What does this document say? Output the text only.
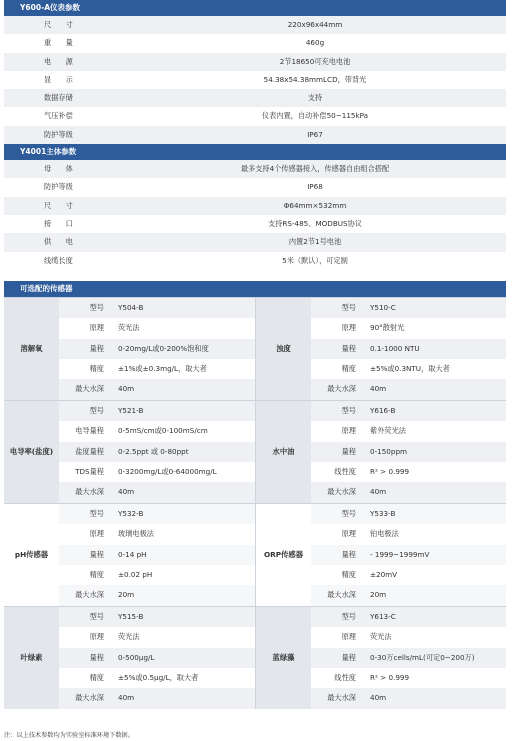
Y600-A仪表参数
尺　　寸	220x96x44mm
重　　量	460g
电　　源	2节18650可充电电池
显　　示	54.38x54.38mmLCD，带背光
数据存储	支持
气压补偿	仪表内置，自动补偿50~115kPa
防护等级	IP67
Y4001主体参数
母　　体	最多支持4个传感器接入，传感器自由组合搭配
防护等级	IP68
尺　　寸	Φ64mm×532mm
接　　口	支持RS-485、MODBUS协议
供　　电	内置2节1号电池
线缆长度	5米（默认），可定制
可选配的传感器
溶解氧
型号	Y504-B
原理	荧光法
量程	0-20mg/L或0-200%饱和度
精度	±1%或±0.3mg/L，取大者
最大水深	40m
浊度
型号	Y510-C
原理	90°散射光
量程	0.1-1000 NTU
精度	±5%或0.3NTU，取大者
最大水深	40m
电导率(盐度)
型号	Y521-B
电导量程	0-5mS/cm或0-100mS/cm
盐度量程	0-2.5ppt 或 0-80ppt
TDS量程	0-3200mg/L或0-64000mg/L
最大水深	40m
水中油
型号	Y616-B
原理	紫外荧光法
量程	0-150ppm
线性度	R² > 0.999
最大水深	40m
pH传感器
型号	Y532-B
原理	玻璃电极法
量程	0-14 pH
精度	±0.02 pH
最大水深	20m
ORP传感器
型号	Y533-B
原理	铂电极法
量程	- 1999~1999mV
精度	±20mV
最大水深	20m
叶绿素
型号	Y515-B
原理	荧光法
量程	0-500μg/L
精度	±5%或0.5μg/L，取大者
最大水深	40m
蓝绿藻
型号	Y613-C
原理	荧光法
量程	0-30万cells/mL(可定0~200万)
线性度	R² > 0.999
最大水深	40m
注：以上技术参数均为实验室标准环境下数据。
